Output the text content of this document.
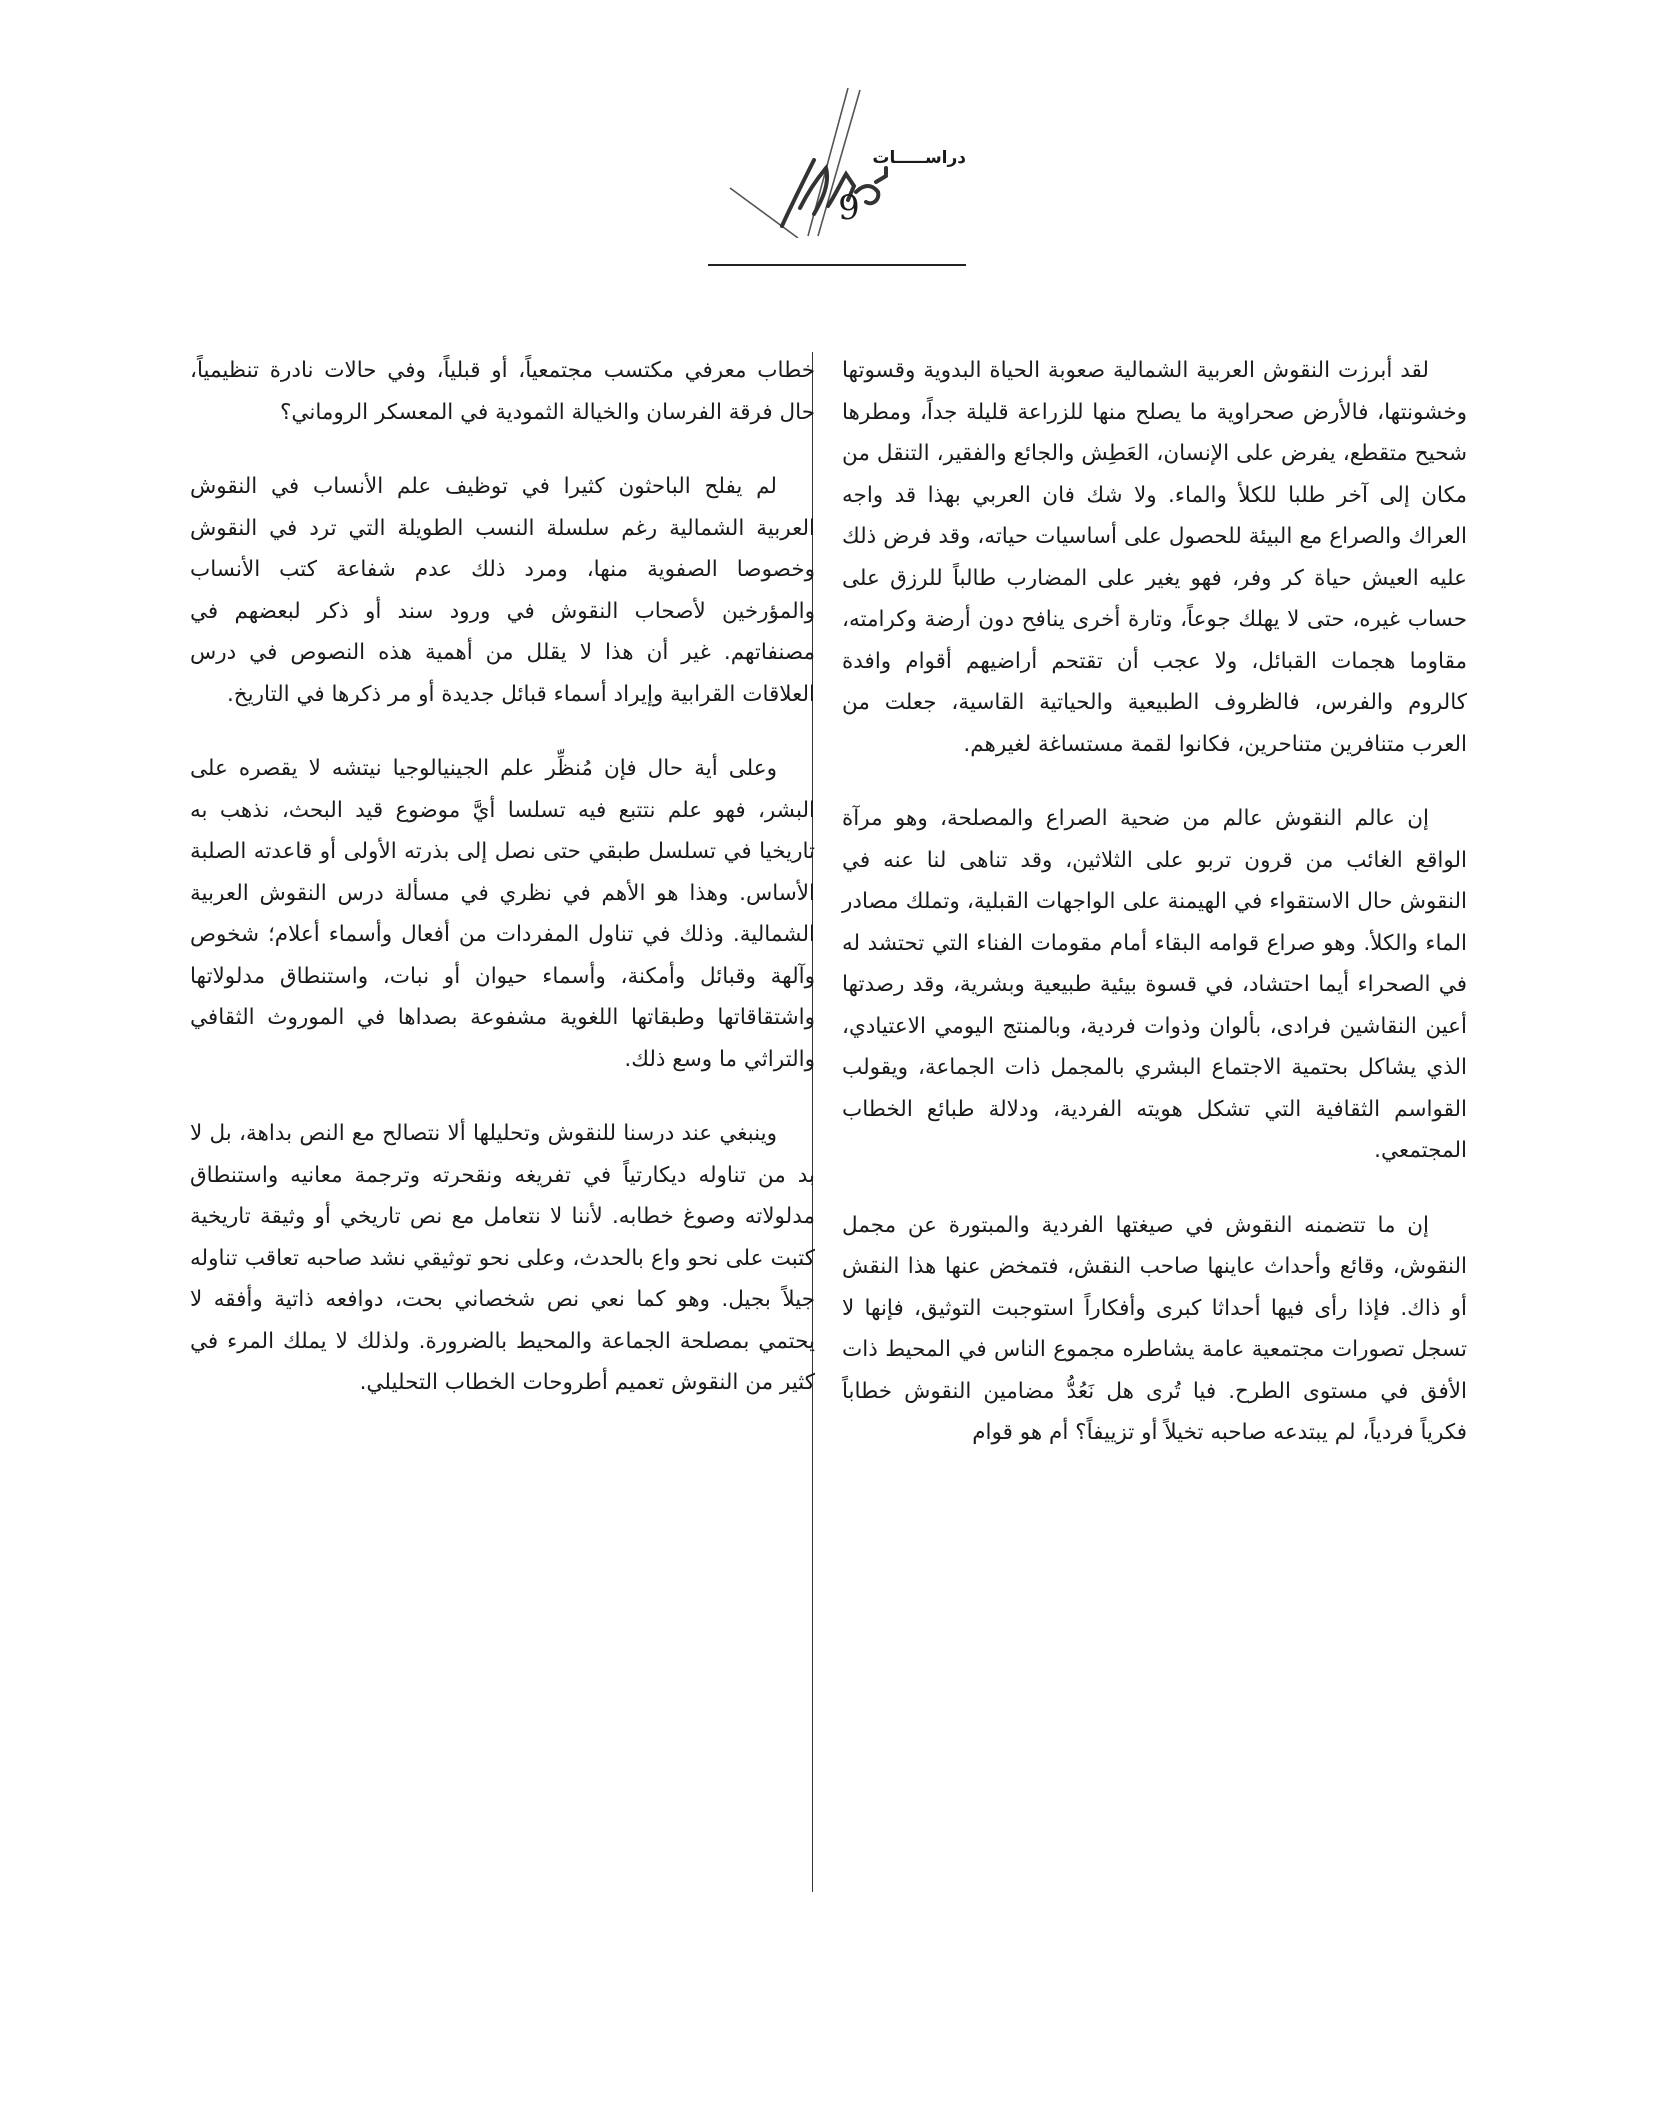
دراســـــات
9

لقد أبرزت النقوش العربية الشمالية صعوبة الحياة البدوية وقسوتها وخشونتها، فالأرض صحراوية ما يصلح منها للزراعة قليلة جداً، ومطرها شحيح متقطع، يفرض على الإنسان، العَطِش والجائع والفقير، التنقل من مكان إلى آخر طلبا للكلأ والماء. ولا شك فان العربي بهذا قد واجه العراك والصراع مع البيئة للحصول على أساسيات حياته، وقد فرض ذلك عليه العيش حياة كر وفر، فهو يغير على المضارب طالباً للرزق على حساب غيره، حتى لا يهلك جوعاً، وتارة أخرى ينافح دون أرضة وكرامته، مقاوما هجمات القبائل، ولا عجب أن تقتحم أراضيهم أقوام وافدة كالروم والفرس، فالظروف الطبيعية والحياتية القاسية، جعلت من العرب متنافرين متناحرين، فكانوا لقمة مستساغة لغيرهم.

إن عالم النقوش عالم من ضحية الصراع والمصلحة، وهو مرآة الواقع الغائب من قرون تربو على الثلاثين، وقد تناهى لنا عنه في النقوش حال الاستقواء في الهيمنة على الواجهات القبلية، وتملك مصادر الماء والكلأ. وهو صراع قوامه البقاء أمام مقومات الفناء التي تحتشد له في الصحراء أيما احتشاد، في قسوة بيئية طبيعية وبشرية، وقد رصدتها أعين النقاشين فرادى، بألوان وذوات فردية، وبالمنتج اليومي الاعتيادي، الذي يشاكل بحتمية الاجتماع البشري بالمجمل ذات الجماعة، ويقولب القواسم الثقافية التي تشكل هويته الفردية، ودلالة طبائع الخطاب المجتمعي.

إن ما تتضمنه النقوش في صيغتها الفردية والمبتورة عن مجمل النقوش، وقائع وأحداث عاينها صاحب النقش، فتمخض عنها هذا النقش أو ذاك. فإذا رأى فيها أحداثا كبرى وأفكاراً استوجبت التوثيق، فإنها لا تسجل تصورات مجتمعية عامة يشاطره مجموع الناس في المحيط ذات الأفق في مستوى الطرح. فيا تُرى هل نَعُدُّ مضامين النقوش خطاباً فكرياً فردياً، لم يبتدعه صاحبه تخيلاً أو تزييفاً؟ أم هو قوام

خطاب معرفي مكتسب مجتمعياً، أو قبلياً، وفي حالات نادرة تنظيمياً، حال فرقة الفرسان والخيالة الثمودية في المعسكر الروماني؟

لم يفلح الباحثون كثيرا في توظيف علم الأنساب في النقوش العربية الشمالية رغم سلسلة النسب الطويلة التي ترد في النقوش وخصوصا الصفوية منها، ومرد ذلك عدم شفاعة كتب الأنساب والمؤرخين لأصحاب النقوش في ورود سند أو ذكر لبعضهم في مصنفاتهم. غير أن هذا لا يقلل من أهمية هذه النصوص في درس العلاقات القرابية وإيراد أسماء قبائل جديدة أو مر ذكرها في التاريخ.

وعلى أية حال فإن مُنظِّر علم الجينيالوجيا نيتشه لا يقصره على البشر، فهو علم نتتبع فيه تسلسا أيَّ موضوع قيد البحث، نذهب به تاريخيا في تسلسل طبقي حتى نصل إلى بذرته الأولى أو قاعدته الصلبة الأساس. وهذا هو الأهم في نظري في مسألة درس النقوش العربية الشمالية. وذلك في تناول المفردات من أفعال وأسماء أعلام؛ شخوص وآلهة وقبائل وأمكنة، وأسماء حيوان أو نبات، واستنطاق مدلولاتها واشتقاقاتها وطبقاتها اللغوية مشفوعة بصداها في الموروث الثقافي والتراثي ما وسع ذلك.

وينبغي عند درسنا للنقوش وتحليلها ألا نتصالح مع النص بداهة، بل لا بد من تناوله ديكارتياً في تفريغه ونقحرته وترجمة معانيه واستنطاق مدلولاته وصوغ خطابه. لأننا لا نتعامل مع نص تاريخي أو وثيقة تاريخية كتبت على نحو واع بالحدث، وعلى نحو توثيقي نشد صاحبه تعاقب تناوله جيلاً بجيل. وهو كما نعي نص شخصاني بحت، دوافعه ذاتية وأفقه لا يحتمي بمصلحة الجماعة والمحيط بالضرورة. ولذلك لا يملك المرء في كثير من النقوش تعميم أطروحات الخطاب التحليلي.
